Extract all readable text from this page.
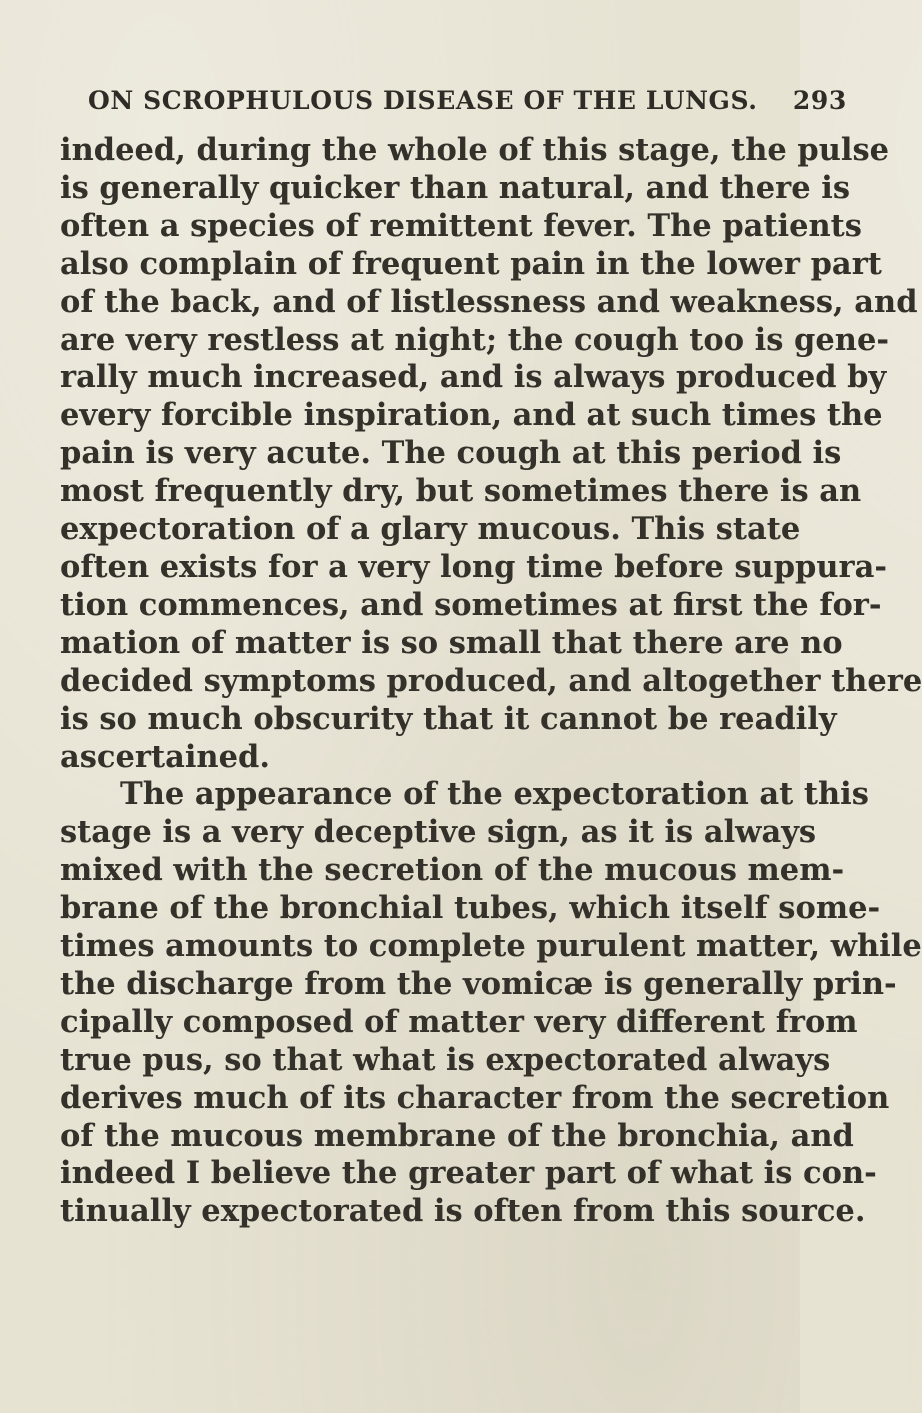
ON SCROPHULOUS DISEASE OF THE LUNGS. 293
indeed, during the whole of this stage, the pulse
is generally quicker than natural, and there is
often a species of remittent fever. The patients
also complain of frequent pain in the lower part
of the back, and of listlessness and weakness, and
are very restless at night; the cough too is gene-
rally much increased, and is always produced by
every forcible inspiration, and at such times the
pain is very acute. The cough at this period is
most frequently dry, but sometimes there is an
expectoration of a glary mucous. This state
often exists for a very long time before suppura-
tion commences, and sometimes at first the for-
mation of matter is so small that there are no
decided symptoms produced, and altogether there
is so much obscurity that it cannot be readily
ascertained.
The appearance of the expectoration at this
stage is a very deceptive sign, as it is always
mixed with the secretion of the mucous mem-
brane of the bronchial tubes, which itself some-
times amounts to complete purulent matter, while
the discharge from the vomicæ is generally prin-
cipally composed of matter very different from
true pus, so that what is expectorated always
derives much of its character from the secretion
of the mucous membrane of the bronchia, and
indeed I believe the greater part of what is con-
tinually expectorated is often from this source.
